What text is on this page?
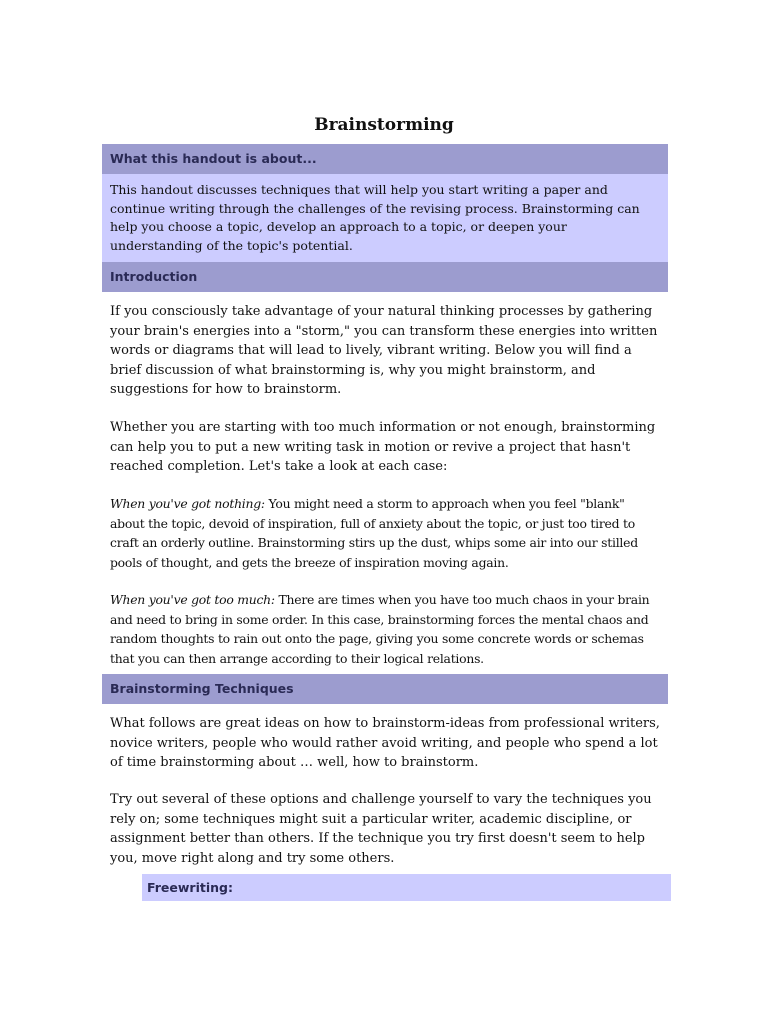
Brainstorming
What this handout is about...
This handout discusses techniques that will help you start writing a paper and continue writing through the challenges of the revising process. Brainstorming can help you choose a topic, develop an approach to a topic, or deepen your understanding of the topic's potential.
Introduction

If you consciously take advantage of your natural thinking processes by gathering your brain's energies into a "storm," you can transform these energies into written words or diagrams that will lead to lively, vibrant writing. Below you will find a brief discussion of what brainstorming is, why you might brainstorm, and suggestions for how to brainstorm.

Whether you are starting with too much information or not enough, brainstorming can help you to put a new writing task in motion or revive a project that hasn't reached completion. Let's take a look at each case:

When you've got nothing: You might need a storm to approach when you feel "blank" about the topic, devoid of inspiration, full of anxiety about the topic, or just too tired to craft an orderly outline. Brainstorming stirs up the dust, whips some air into our stilled pools of thought, and gets the breeze of inspiration moving again.

When you've got too much: There are times when you have too much chaos in your brain and need to bring in some order. In this case, brainstorming forces the mental chaos and random thoughts to rain out onto the page, giving you some concrete words or schemas that you can then arrange according to their logical relations.

Brainstorming Techniques

What follows are great ideas on how to brainstorm-ideas from professional writers, novice writers, people who would rather avoid writing, and people who spend a lot of time brainstorming about … well, how to brainstorm.

Try out several of these options and challenge yourself to vary the techniques you rely on; some techniques might suit a particular writer, academic discipline, or assignment better than others. If the technique you try first doesn't seem to help you, move right along and try some others.

Freewriting:
